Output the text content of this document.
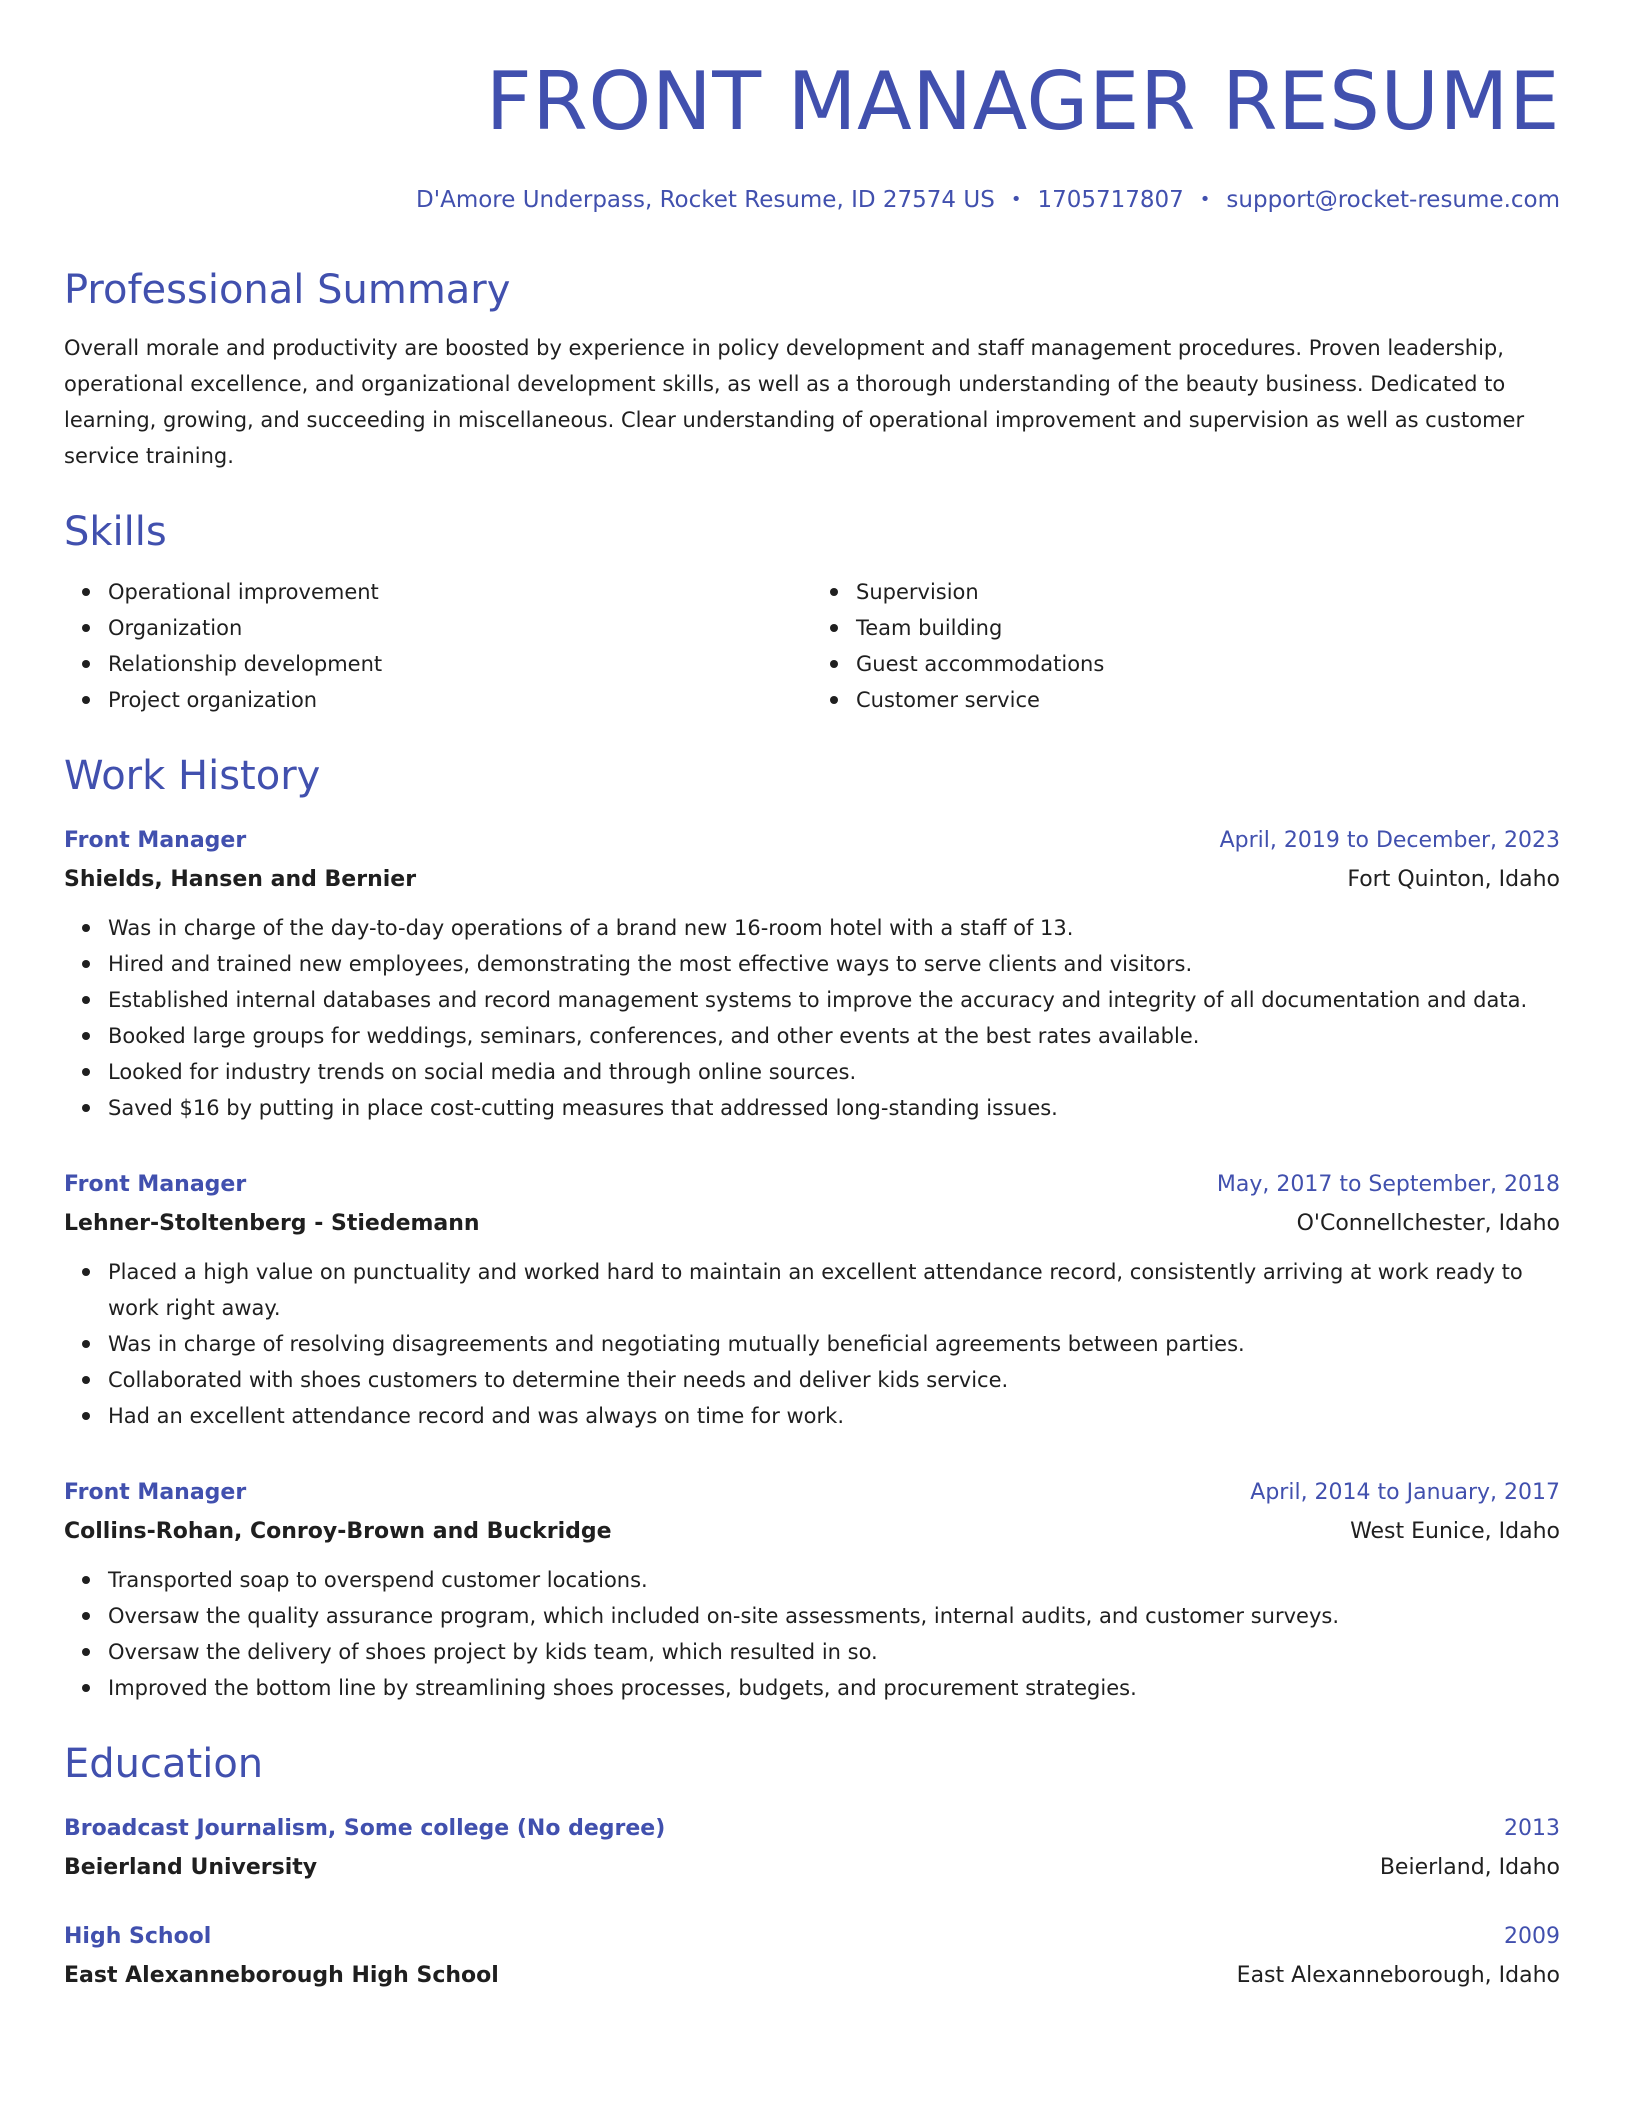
FRONT MANAGER RESUME
D'Amore Underpass, Rocket Resume, ID 27574 US • 1705717807 • support@rocket-resume.com
Professional Summary
Overall morale and productivity are boosted by experience in policy development and staff management procedures. Proven leadership, operational excellence, and organizational development skills, as well as a thorough understanding of the beauty business. Dedicated to learning, growing, and succeeding in miscellaneous. Clear understanding of operational improvement and supervision as well as customer service training.
Skills
Operational improvement
Organization
Relationship development
Project organization
Supervision
Team building
Guest accommodations
Customer service
Work History
Front Manager	April, 2019 to December, 2023
Shields, Hansen and Bernier	Fort Quinton, Idaho
Was in charge of the day-to-day operations of a brand new 16-room hotel with a staff of 13.
Hired and trained new employees, demonstrating the most effective ways to serve clients and visitors.
Established internal databases and record management systems to improve the accuracy and integrity of all documentation and data.
Booked large groups for weddings, seminars, conferences, and other events at the best rates available.
Looked for industry trends on social media and through online sources.
Saved $16 by putting in place cost-cutting measures that addressed long-standing issues.
Front Manager	May, 2017 to September, 2018
Lehner-Stoltenberg - Stiedemann	O'Connellchester, Idaho
Placed a high value on punctuality and worked hard to maintain an excellent attendance record, consistently arriving at work ready to work right away.
Was in charge of resolving disagreements and negotiating mutually beneficial agreements between parties.
Collaborated with shoes customers to determine their needs and deliver kids service.
Had an excellent attendance record and was always on time for work.
Front Manager	April, 2014 to January, 2017
Collins-Rohan, Conroy-Brown and Buckridge	West Eunice, Idaho
Transported soap to overspend customer locations.
Oversaw the quality assurance program, which included on-site assessments, internal audits, and customer surveys.
Oversaw the delivery of shoes project by kids team, which resulted in so.
Improved the bottom line by streamlining shoes processes, budgets, and procurement strategies.
Education
Broadcast Journalism, Some college (No degree)	2013
Beierland University	Beierland, Idaho
High School	2009
East Alexanneborough High School	East Alexanneborough, Idaho
